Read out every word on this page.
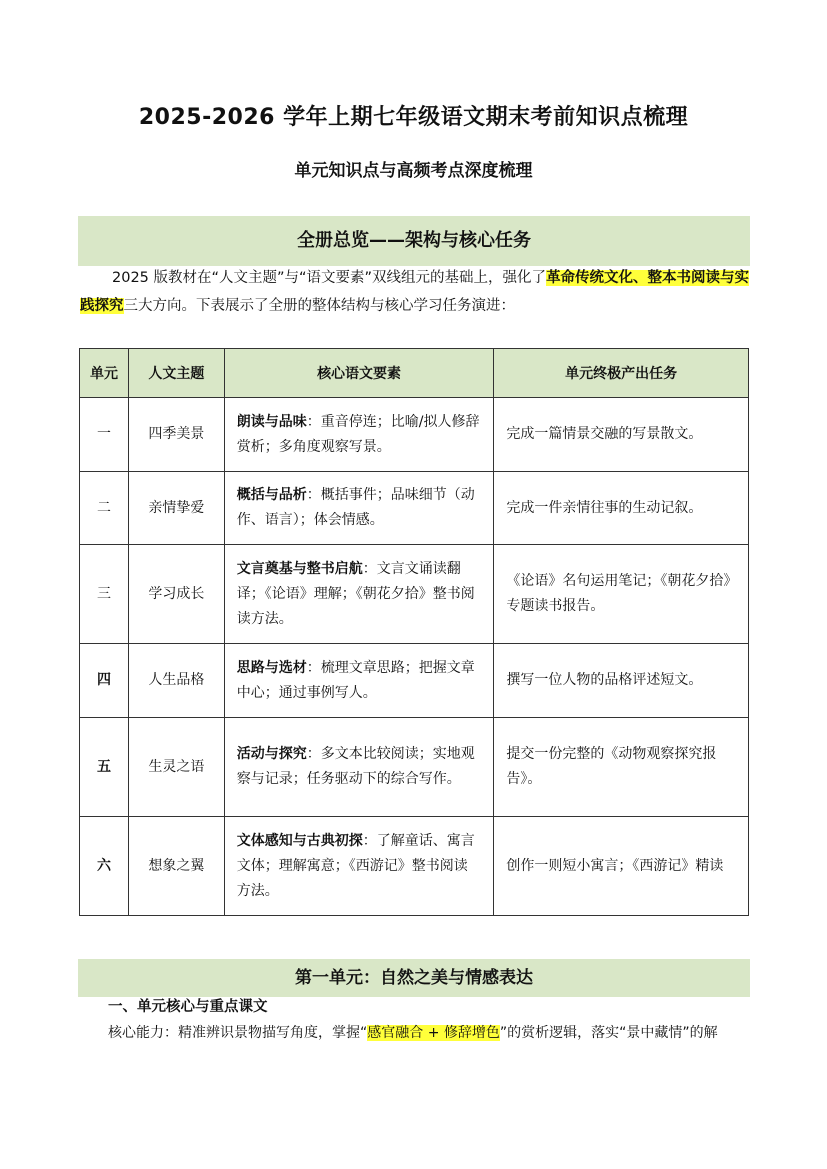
2025-2026 学年上期七年级语文期末考前知识点梳理
单元知识点与高频考点深度梳理
全册总览——架构与核心任务
2025 版教材在“人文主题”与“语文要素”双线组元的基础上，强化了革命传统文化、整本书阅读与实践探究三大方向。下表展示了全册的整体结构与核心学习任务演进：
单元	人文主题	核心语文要素	单元终极产出任务
一	四季美景	朗读与品味：重音停连；比喻/拟人修辞赏析；多角度观察写景。	完成一篇情景交融的写景散文。
二	亲情挚爱	概括与品析：概括事件；品味细节（动作、语言）；体会情感。	完成一件亲情往事的生动记叙。
三	学习成长	文言奠基与整书启航：文言文诵读翻译；《论语》理解；《朝花夕拾》整书阅读方法。	《论语》名句运用笔记；《朝花夕拾》专题读书报告。
四	人生品格	思路与选材：梳理文章思路；把握文章中心；通过事例写人。	撰写一位人物的品格评述短文。
五	生灵之语	活动与探究：多文本比较阅读；实地观察与记录；任务驱动下的综合写作。	提交一份完整的《动物观察探究报告》。
六	想象之翼	文体感知与古典初探：了解童话、寓言文体；理解寓意；《西游记》整书阅读方法。	创作一则短小寓言；《西游记》精读
第一单元：自然之美与情感表达
一、单元核心与重点课文
核心能力：精准辨识景物描写角度，掌握“感官融合 + 修辞增色”的赏析逻辑，落实“景中藏情”的解
